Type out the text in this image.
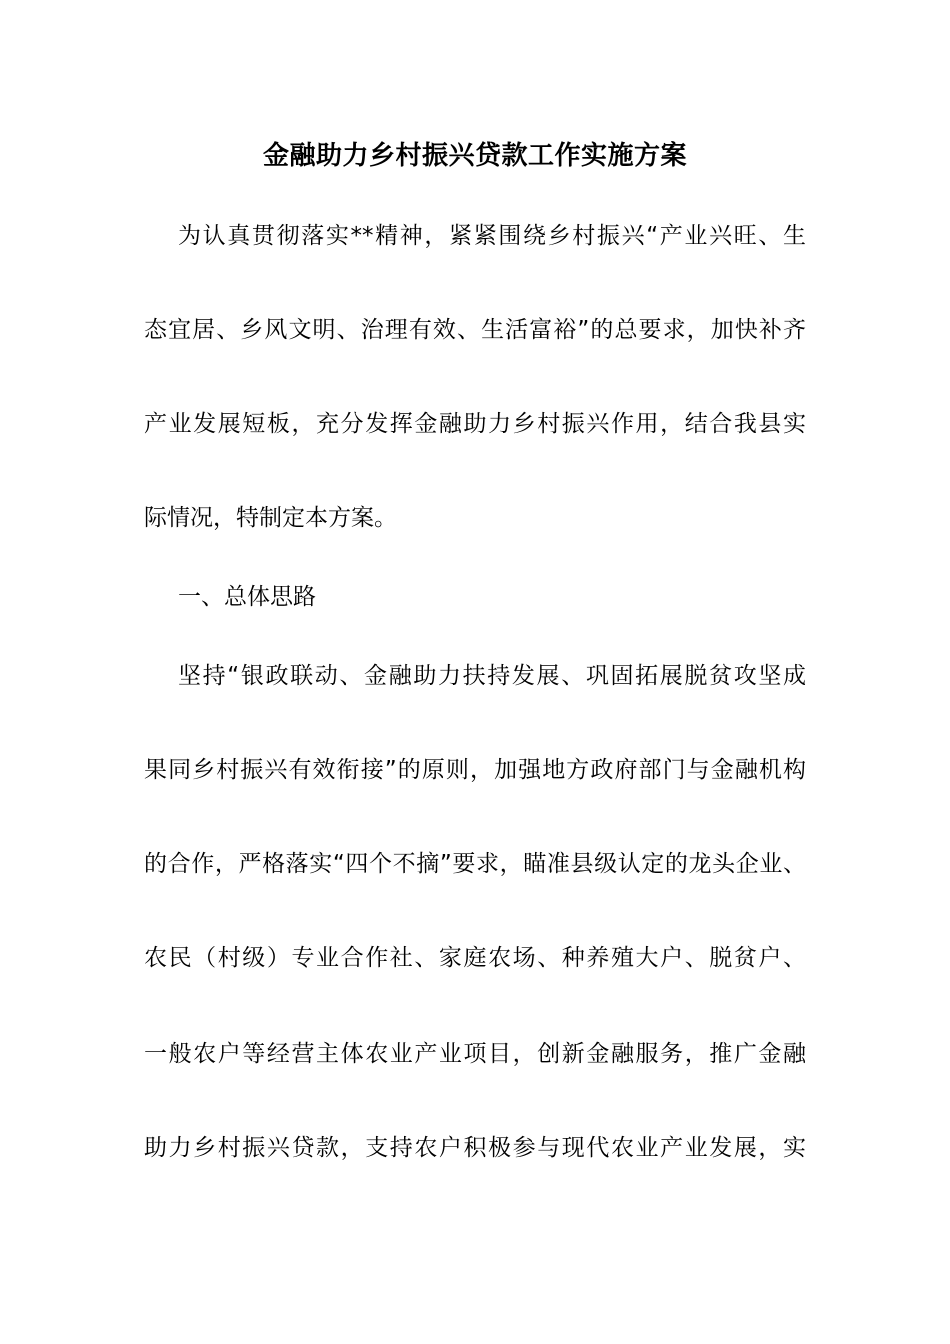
金融助力乡村振兴贷款工作实施方案
为认真贯彻落实**精神，紧紧围绕乡村振兴“产业兴旺、生
态宜居、乡风文明、治理有效、生活富裕”的总要求，加快补齐
产业发展短板，充分发挥金融助力乡村振兴作用，结合我县实
际情况，特制定本方案。
一、总体思路
坚持“银政联动、金融助力扶持发展、巩固拓展脱贫攻坚成
果同乡村振兴有效衔接”的原则，加强地方政府部门与金融机构
的合作，严格落实“四个不摘”要求，瞄准县级认定的龙头企业、
农民（村级）专业合作社、家庭农场、种养殖大户、脱贫户、
一般农户等经营主体农业产业项目，创新金融服务，推广金融
助力乡村振兴贷款，支持农户积极参与现代农业产业发展，实
